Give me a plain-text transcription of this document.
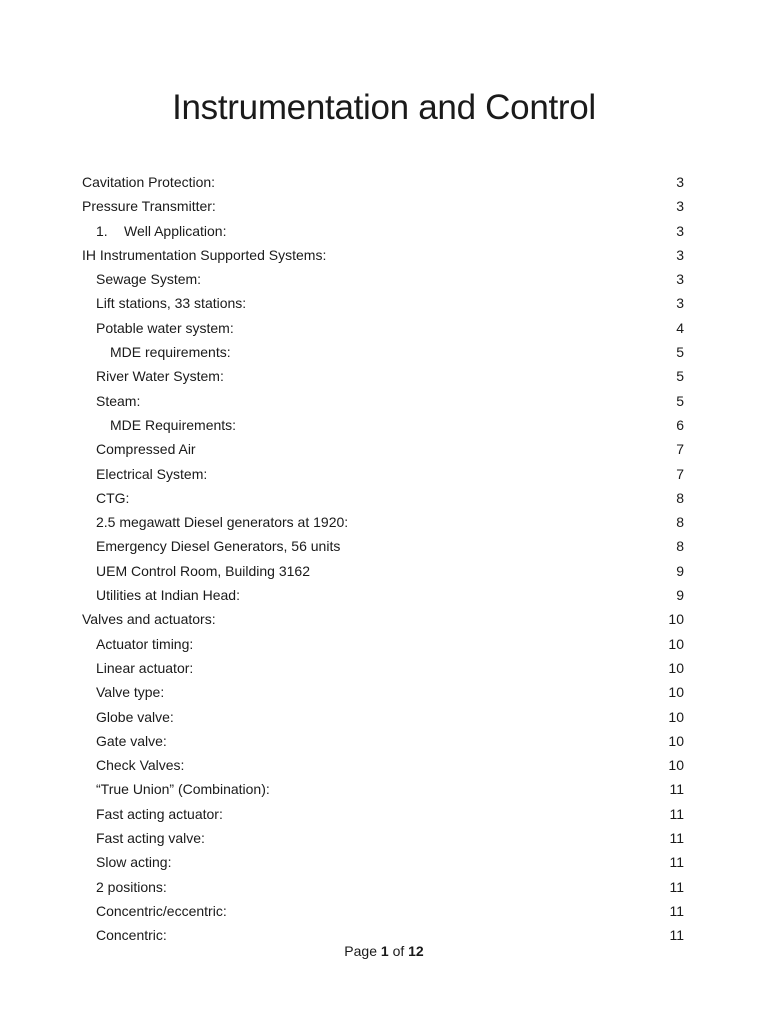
Instrumentation and Control
Cavitation Protection:	3
Pressure Transmitter:	3
1. Well Application:	3
IH Instrumentation Supported Systems:	3
Sewage System:	3
Lift stations, 33 stations:	3
Potable water system:	4
MDE requirements:	5
River Water System:	5
Steam:	5
MDE Requirements:	6
Compressed Air	7
Electrical System:	7
CTG:	8
2.5 megawatt Diesel generators at 1920:	8
Emergency Diesel Generators, 56 units	8
UEM Control Room, Building 3162	9
Utilities at Indian Head:	9
Valves and actuators:	10
Actuator timing:	10
Linear actuator:	10
Valve type:	10
Globe valve:	10
Gate valve:	10
Check Valves:	10
“True Union” (Combination):	11
Fast acting actuator:	11
Fast acting valve:	11
Slow acting:	11
2 positions:	11
Concentric/eccentric:	11
Concentric:	11
Page 1 of 12
